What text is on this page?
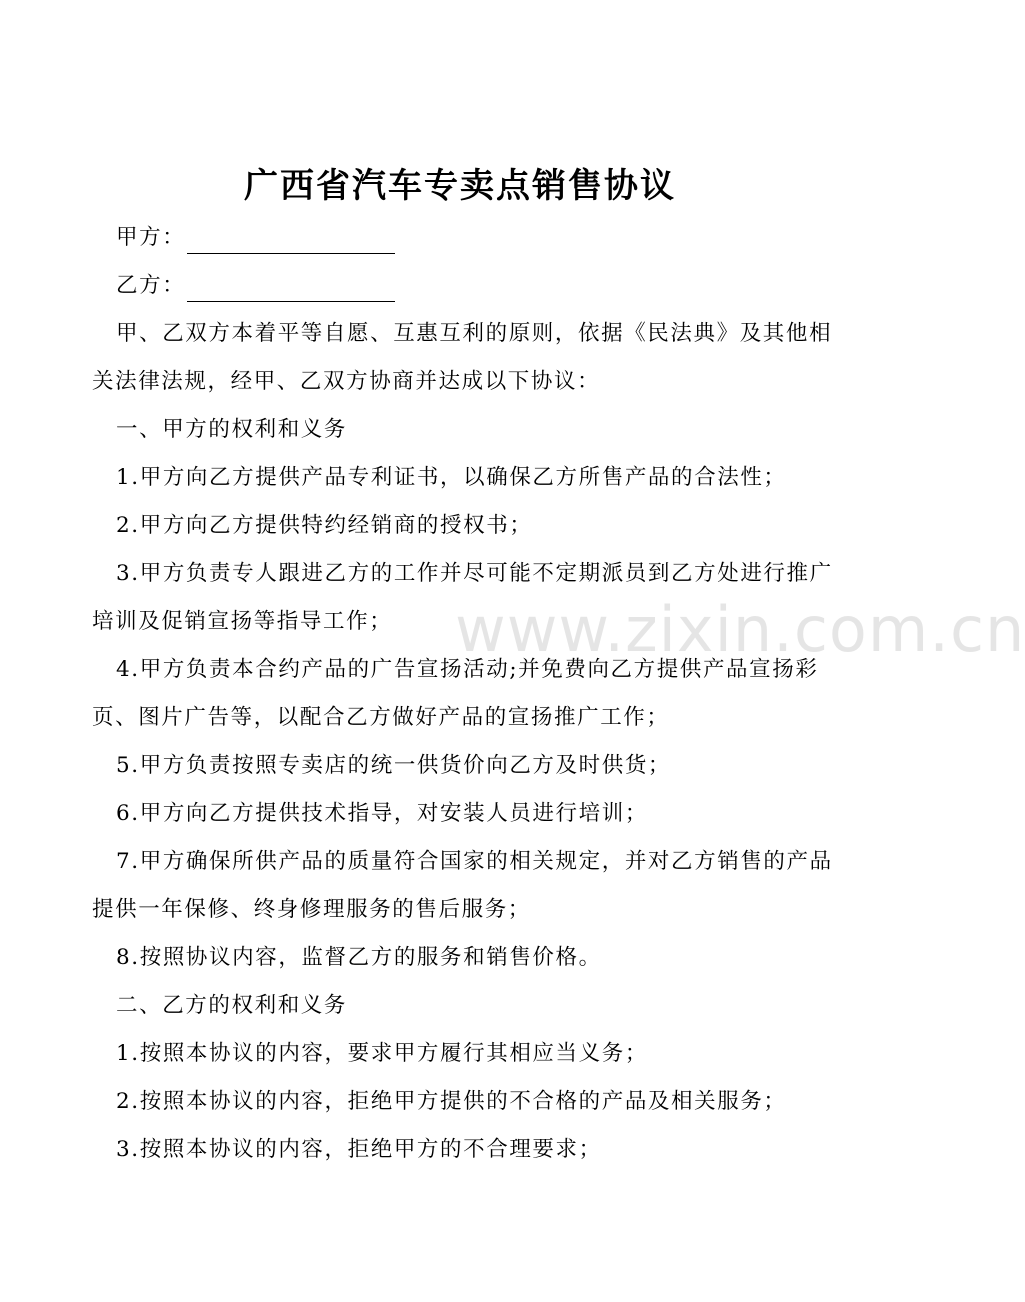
广西省汽车专卖点销售协议
甲方：
乙方：
甲、乙双方本着平等自愿、互惠互利的原则，依据《民法典》及其他相
关法律法规，经甲、乙双方协商并达成以下协议：
一、甲方的权利和义务
1.甲方向乙方提供产品专利证书，以确保乙方所售产品的合法性；
2.甲方向乙方提供特约经销商的授权书；
3.甲方负责专人跟进乙方的工作并尽可能不定期派员到乙方处进行推广
培训及促销宣扬等指导工作；
4.甲方负责本合约产品的广告宣扬活动;并免费向乙方提供产品宣扬彩
页、图片广告等，以配合乙方做好产品的宣扬推广工作；
5.甲方负责按照专卖店的统一供货价向乙方及时供货；
6.甲方向乙方提供技术指导，对安装人员进行培训；
7.甲方确保所供产品的质量符合国家的相关规定，并对乙方销售的产品
提供一年保修、终身修理服务的售后服务；
8.按照协议内容，监督乙方的服务和销售价格。
二、乙方的权利和义务
1.按照本协议的内容，要求甲方履行其相应当义务；
2.按照本协议的内容，拒绝甲方提供的不合格的产品及相关服务；
3.按照本协议的内容，拒绝甲方的不合理要求；
www.zixin.com.cn
